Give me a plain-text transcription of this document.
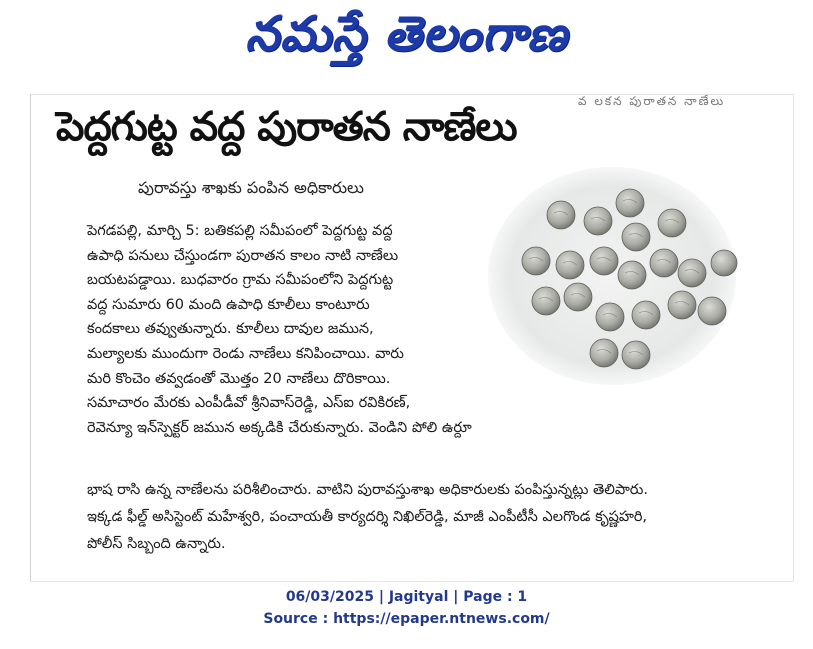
నమస్తే తెలంగాణ
వ లకన పురాతన నాణేలు
పెద్దగుట్ట వద్ద పురాతన నాణేలు
పురావస్తు శాఖకు పంపిన అధికారులు
పెగడపల్లి, మార్చి 5: బతికపల్లి సమీపంలో పెద్దగుట్ట వద్ద
ఉపాధి పనులు చేస్తుండగా పురాతన కాలం నాటి నాణేలు
బయటపడ్డాయి. బుధవారం గ్రామ సమీపంలోని పెద్దగుట్ట
వద్ద సుమారు 60 మంది ఉపాధి కూలీలు కాంటూరు
కందకాలు తవ్వుతున్నారు. కూలీలు దావుల జమున,
మల్యాలకు ముందుగా రెండు నాణేలు కనిపించాయి. వారు
మరి కొంచెం తవ్వడంతో మొత్తం 20 నాణేలు దొరికాయి.
సమాచారం మేరకు ఎంపీడీవో శ్రీనివాస్‌రెడ్డి, ఎస్‌ఐ రవికిరణ్,
రెవెన్యూ ఇన్‌స్పెక్టర్ జమున అక్కడికి చేరుకున్నారు. వెండిని పోలి ఉర్దూ
భాష రాసి ఉన్న నాణేలను పరిశీలించారు. వాటిని పురావస్తుశాఖ అధికారులకు పంపిస్తున్నట్లు తెలిపారు.
ఇక్కడ ఫీల్డ్ అసిస్టెంట్ మహేశ్వరి, పంచాయతీ కార్యదర్శి నిఖిల్‌రెడ్డి, మాజీ ఎంపీటీసీ ఎలగొండ కృష్ణహరి,
పోలీస్ సిబ్బంది ఉన్నారు.
06/03/2025 | Jagityal | Page : 1
Source : https://epaper.ntnews.com/
